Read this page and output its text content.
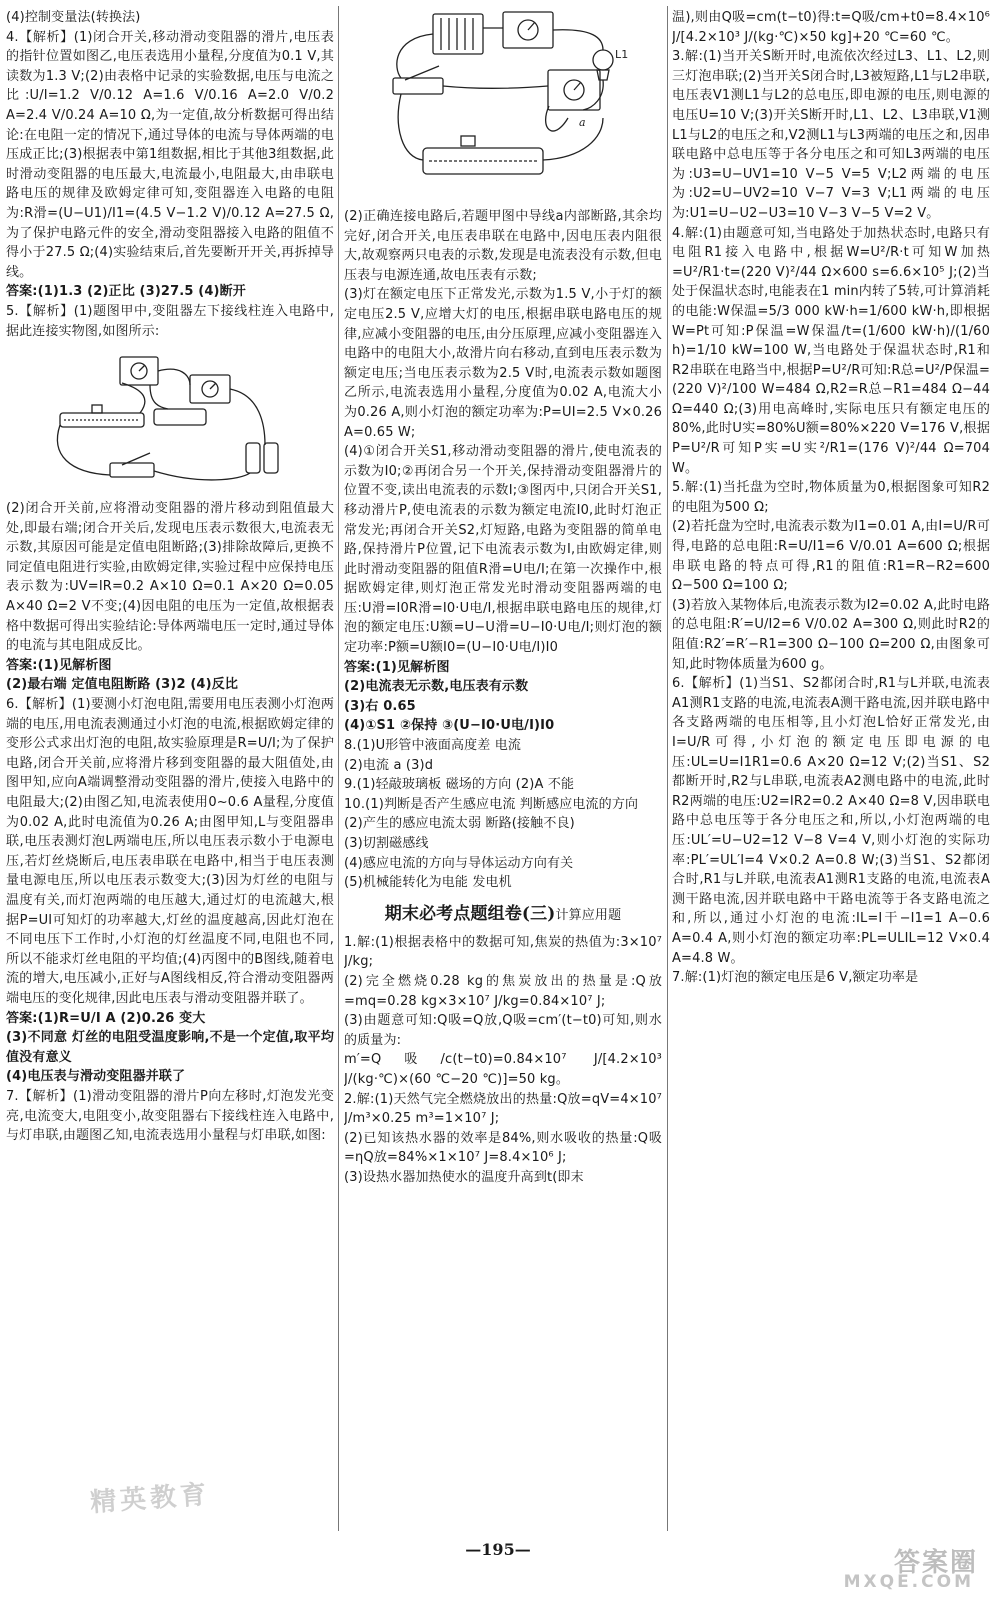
(4)控制变量法(转换法)

4.【解析】(1)闭合开关,移动滑动变阻器的滑片,电压表的指针位置如图乙,电压表选用小量程,分度值为0.1 V,其读数为1.3 V;(2)由表格中记录的实验数据,电压与电流之比:U/I=1.2 V/0.12 A=1.6 V/0.16 A=2.0 V/0.2 A=2.4 V/0.24 A=10 Ω,为一定值,故分析数据可得出结论:在电阻一定的情况下,通过导体的电流与导体两端的电压成正比;(3)根据表中第1组数据,相比于其他3组数据,此时滑动变阻器的电压最大,电流最小,电阻最大,由串联电路电压的规律及欧姆定律可知,变阻器连入电路的电阻为:R滑=(U−U1)/I1=(4.5 V−1.2 V)/0.12 A=27.5 Ω,为了保护电路元件的安全,滑动变阻器接入电路的阻值不得小于27.5 Ω;(4)实验结束后,首先要断开开关,再拆掉导线。

答案:(1)1.3 (2)正比 (3)27.5 (4)断开

5.【解析】(1)题图甲中,变阻器左下接线柱连入电路中,据此连接实物图,如图所示:

(2)闭合开关前,应将滑动变阻器的滑片移动到阻值最大处,即最右端;闭合开关后,发现电压表示数很大,电流表无示数,其原因可能是定值电阻断路;(3)排除故障后,更换不同定值电阻进行实验,由欧姆定律,实验过程中应保持电压表示数为:UV=IR=0.2 A×10 Ω=0.1 A×20 Ω=0.05 A×40 Ω=2 V不变;(4)因电阻的电压为一定值,故根据表格中数据可得出实验结论:导体两端电压一定时,通过导体的电流与其电阻成反比。

答案:(1)见解析图

(2)最右端 定值电阻断路 (3)2 (4)反比

6.【解析】(1)要测小灯泡电阻,需要用电压表测小灯泡两端的电压,用电流表测通过小灯泡的电流,根据欧姆定律的变形公式求出灯泡的电阻,故实验原理是R=U/I;为了保护电路,闭合开关前,应将滑片移到变阻器的最大阻值处,由图甲知,应向A端调整滑动变阻器的滑片,使接入电路中的电阻最大;(2)由图乙知,电流表使用0~0.6 A量程,分度值为0.02 A,此时电流值为0.26 A;由图甲知,L与变阻器串联,电压表测灯泡L两端电压,所以电压表示数小于电源电压,若灯丝烧断后,电压表串联在电路中,相当于电压表测量电源电压,所以电压表示数变大;(3)因为灯丝的电阻与温度有关,而灯泡两端的电压越大,通过灯的电流越大,根据P=UI可知灯的功率越大,灯丝的温度越高,因此灯泡在不同电压下工作时,小灯泡的灯丝温度不同,电阻也不同,所以不能求灯丝电阻的平均值;(4)丙图中的B图线,随着电流的增大,电压减小,正好与A图线相反,符合滑动变阻器两端电压的变化规律,因此电压表与滑动变阻器并联了。

答案:(1)R=U/I A (2)0.26 变大

(3)不同意 灯丝的电阻受温度影响,不是一个定值,取平均值没有意义

(4)电压表与滑动变阻器并联了

7.【解析】(1)滑动变阻器的滑片P向左移时,灯泡发光变亮,电流变大,电阻变小,故变阻器右下接线柱连入电路中,与灯串联,由题图乙知,电流表选用小量程与灯串联,如图:

L1
a

(2)正确连接电路后,若题甲图中导线a内部断路,其余均完好,闭合开关,电压表串联在电路中,因电压表内阻很大,故观察两只电表的示数,发现是电流表没有示数,但电压表与电源连通,故电压表有示数;

(3)灯在额定电压下正常发光,示数为1.5 V,小于灯的额定电压2.5 V,应增大灯的电压,根据串联电路电压的规律,应减小变阻器的电压,由分压原理,应减小变阻器连入电路中的电阻大小,故滑片向右移动,直到电压表示数为额定电压;当电压表示数为2.5 V时,电流表示数如题图乙所示,电流表选用小量程,分度值为0.02 A,电流大小为0.26 A,则小灯泡的额定功率为:P=UI=2.5 V×0.26 A=0.65 W;

(4)①闭合开关S1,移动滑动变阻器的滑片,使电流表的示数为I0;②再闭合另一个开关,保持滑动变阻器滑片的位置不变,读出电流表的示数I;③图丙中,只闭合开关S1,移动滑片P,使电流表的示数为额定电流I0,此时灯泡正常发光;再闭合开关S2,灯短路,电路为变阻器的简单电路,保持滑片P位置,记下电流表示数为I,由欧姆定律,则此时滑动变阻器的阻值R滑=U电/I;在第一次操作中,根据欧姆定律,则灯泡正常发光时滑动变阻器两端的电压:U滑=I0R滑=I0·U电/I,根据串联电路电压的规律,灯泡的额定电压:U额=U−U滑=U−I0·U电/I;则灯泡的额定功率:P额=U额I0=(U−I0·U电/I)I0

答案:(1)见解析图

(2)电流表无示数,电压表有示数

(3)右 0.65

(4)①S1 ②保持 ③(U−I0·U电/I)I0

8.(1)U形管中液面高度差 电流

(2)电流 a (3)d

9.(1)轻敲玻璃板 磁场的方向 (2)A 不能

10.(1)判断是否产生感应电流 判断感应电流的方向

(2)产生的感应电流太弱 断路(接触不良)

(3)切割磁感线

(4)感应电流的方向与导体运动方向有关

(5)机械能转化为电能 发电机

期末必考点题组卷(三)计算应用题

1.解:(1)根据表格中的数据可知,焦炭的热值为:3×10⁷ J/kg;

(2)完全燃烧0.28 kg的焦炭放出的热量是:Q放=mq=0.28 kg×3×10⁷ J/kg=0.84×10⁷ J;

(3)由题意可知:Q吸=Q放,Q吸=cm′(t−t0)可知,则水的质量为:

m′=Q吸/c(t−t0)=0.84×10⁷ J/[4.2×10³ J/(kg·℃)×(60 ℃−20 ℃)]=50 kg。

2.解:(1)天然气完全燃烧放出的热量:Q放=qV=4×10⁷ J/m³×0.25 m³=1×10⁷ J;

(2)已知该热水器的效率是84%,则水吸收的热量:Q吸=ηQ放=84%×1×10⁷ J=8.4×10⁶ J;

(3)设热水器加热使水的温度升高到t(即末

温),则由Q吸=cm(t−t0)得:t=Q吸/cm+t0=8.4×10⁶ J/[4.2×10³ J/(kg·℃)×50 kg]+20 ℃=60 ℃。

3.解:(1)当开关S断开时,电流依次经过L3、L1、L2,则三灯泡串联;(2)当开关S闭合时,L3被短路,L1与L2串联,电压表V1测L1与L2的总电压,即电源的电压,则电源的电压U=10 V;(3)开关S断开时,L1、L2、L3串联,V1测L1与L2的电压之和,V2测L1与L3两端的电压之和,因串联电路中总电压等于各分电压之和可知L3两端的电压为:U3=U−UV1=10 V−5 V=5 V;L2两端的电压为:U2=U−UV2=10 V−7 V=3 V;L1两端的电压为:U1=U−U2−U3=10 V−3 V−5 V=2 V。

4.解:(1)由题意可知,当电路处于加热状态时,电路只有电阻R1接入电路中,根据W=U²/R·t可知W加热=U²/R1·t=(220 V)²/44 Ω×600 s=6.6×10⁵ J;(2)当处于保温状态时,电能表在1 min内转了5转,可计算消耗的电能:W保温=5/3 000 kW·h=1/600 kW·h,即根据W=Pt可知:P保温=W保温/t=(1/600 kW·h)/(1/60 h)=1/10 kW=100 W,当电路处于保温状态时,R1和R2串联在电路当中,根据P=U²/R可知:R总=U²/P保温=(220 V)²/100 W=484 Ω,R2=R总−R1=484 Ω−44 Ω=440 Ω;(3)用电高峰时,实际电压只有额定电压的80%,此时U实=80%U额=80%×220 V=176 V,根据P=U²/R可知P实=U实²/R1=(176 V)²/44 Ω=704 W。

5.解:(1)当托盘为空时,物体质量为0,根据图象可知R2的电阻为500 Ω;

(2)若托盘为空时,电流表示数为I1=0.01 A,由I=U/R可得,电路的总电阻:R=U/I1=6 V/0.01 A=600 Ω;根据串联电路的特点可得,R1的阻值:R1=R−R2=600 Ω−500 Ω=100 Ω;

(3)若放入某物体后,电流表示数为I2=0.02 A,此时电路的总电阻:R′=U/I2=6 V/0.02 A=300 Ω,则此时R2的阻值:R2′=R′−R1=300 Ω−100 Ω=200 Ω,由图象可知,此时物体质量为600 g。

6.【解析】(1)当S1、S2都闭合时,R1与L并联,电流表A1测R1支路的电流,电流表A测干路电流,因并联电路中各支路两端的电压相等,且小灯泡L恰好正常发光,由I=U/R可得,小灯泡的额定电压即电源的电压:UL=U=I1R1=0.6 A×20 Ω=12 V;(2)当S1、S2都断开时,R2与L串联,电流表A2测电路中的电流,此时R2两端的电压:U2=IR2=0.2 A×40 Ω=8 V,因串联电路中总电压等于各分电压之和,所以,小灯泡两端的电压:UL′=U−U2=12 V−8 V=4 V,则小灯泡的实际功率:PL′=UL′I=4 V×0.2 A=0.8 W;(3)当S1、S2都闭合时,R1与L并联,电流表A1测R1支路的电流,电流表A测干路电流,因并联电路中干路电流等于各支路电流之和,所以,通过小灯泡的电流:IL=I干−I1=1 A−0.6 A=0.4 A,则小灯泡的额定功率:PL=ULIL=12 V×0.4 A=4.8 W。

7.解:(1)灯泡的额定电压是6 V,额定功率是

精英教育
—195—	答案圈
MXQE.COM
